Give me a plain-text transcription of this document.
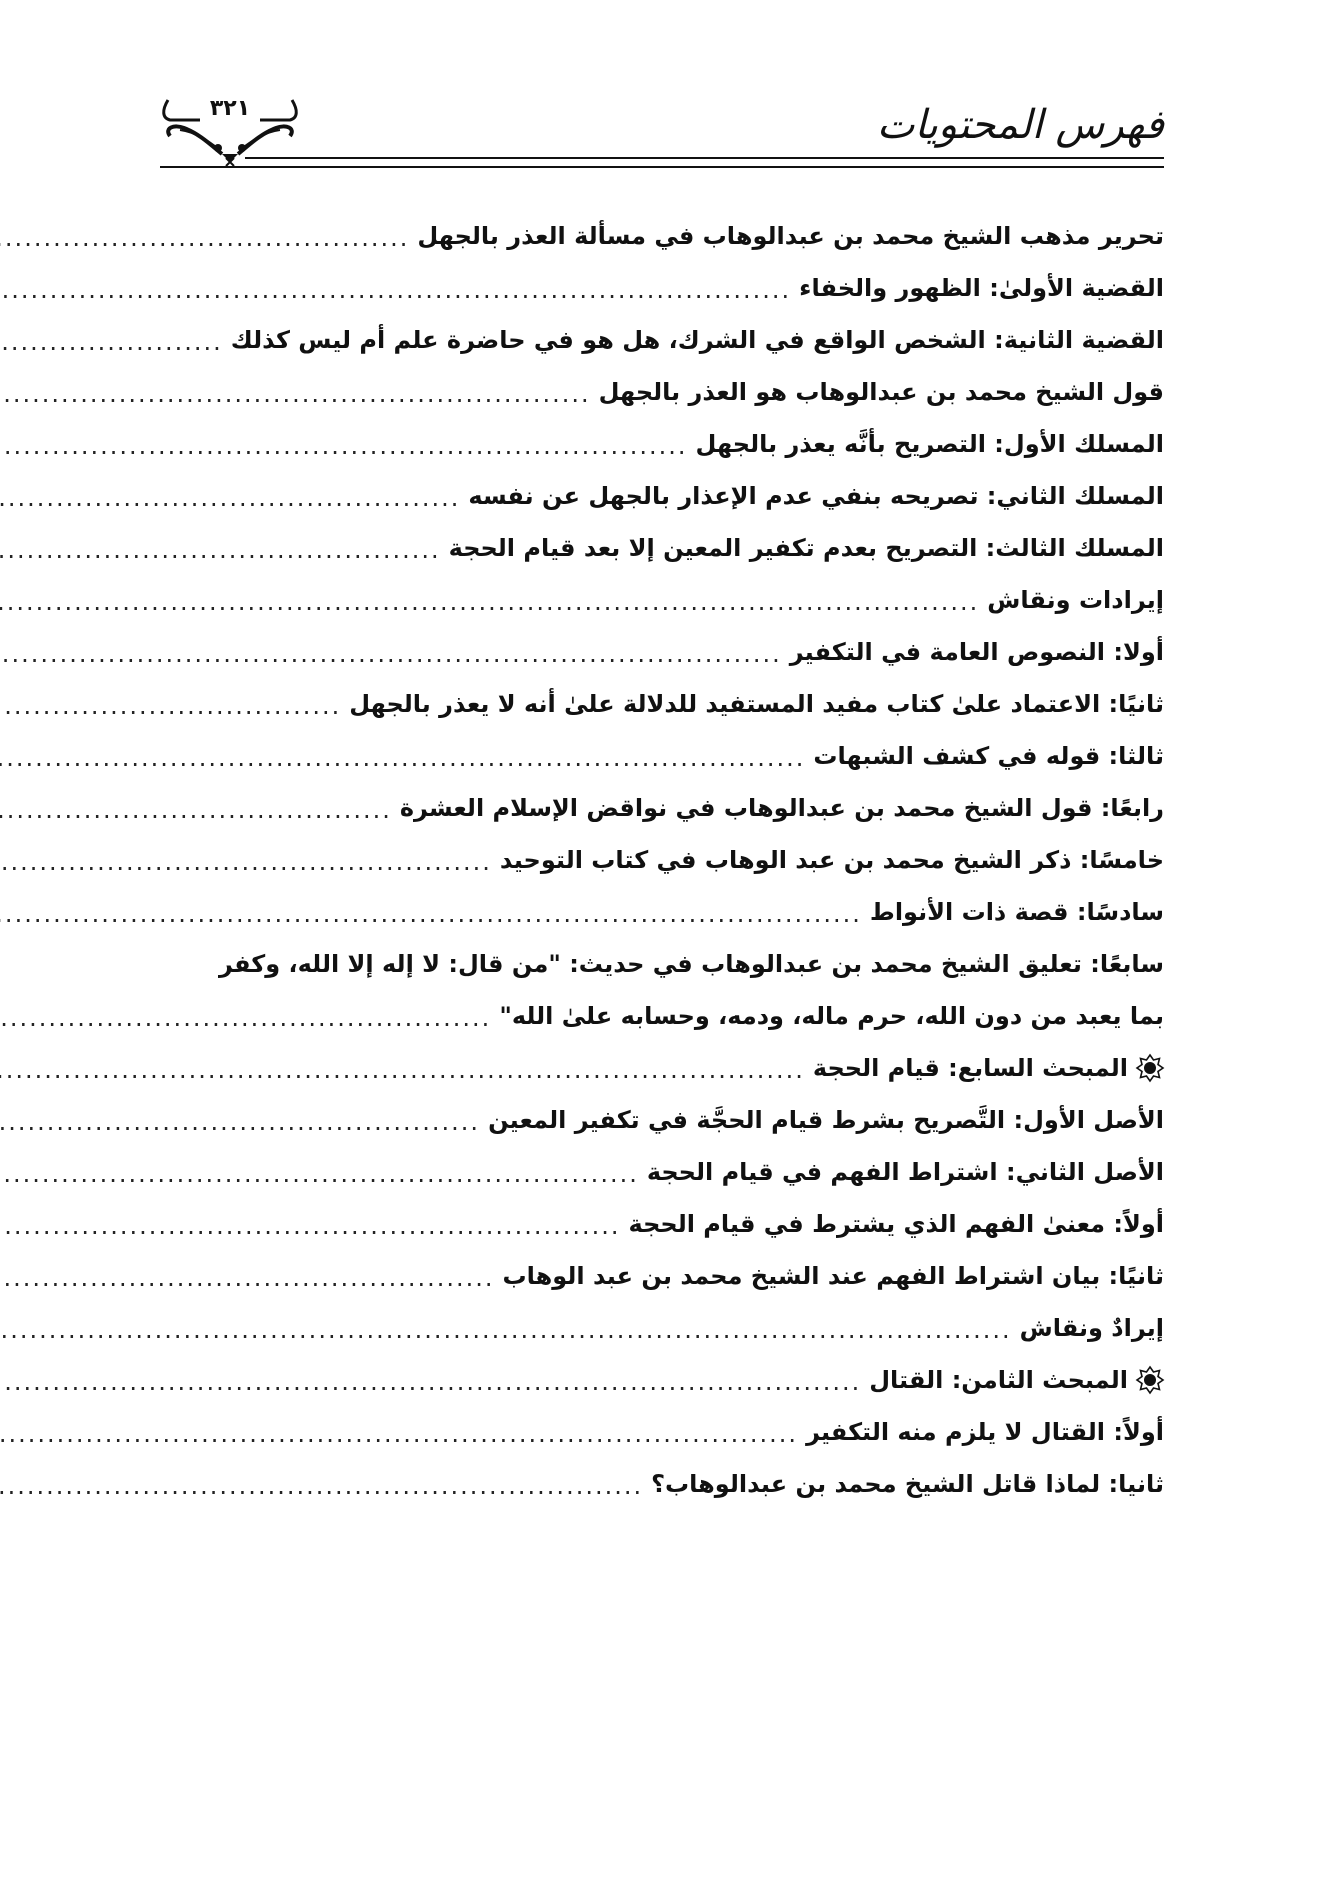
فهرس المحتويات
٣٢١
تحرير مذهب الشيخ محمد بن عبدالوهاب في مسألة العذر بالجهل
.....
القضية الأولىٰ: الظهور والخفاء
.....
القضية الثانية: الشخص الواقع في الشرك، هل هو في حاضرة علم أم ليس كذلك
.....
قول الشيخ محمد بن عبدالوهاب هو العذر بالجهل
.....
المسلك الأول: التصريح بأنَّه يعذر بالجهل
.....
المسلك الثاني: تصريحه بنفي عدم الإعذار بالجهل عن نفسه
.....
المسلك الثالث: التصريح بعدم تكفير المعين إلا بعد قيام الحجة
.....
إيرادات ونقاش
.....
أولا: النصوص العامة في التكفير
.....
ثانيًا: الاعتماد علىٰ كتاب مفيد المستفيد للدلالة علىٰ أنه لا يعذر بالجهل
.....
ثالثا: قوله في كشف الشبهات
.....
رابعًا: قول الشيخ محمد بن عبدالوهاب في نواقض الإسلام العشرة
.....
خامسًا: ذكر الشيخ محمد بن عبد الوهاب في كتاب التوحيد
.....
سادسًا: قصة ذات الأنواط
.....
سابعًا: تعليق الشيخ محمد بن عبدالوهاب في حديث: "من قال: لا إله إلا الله، وكفر
بما يعبد من دون الله، حرم ماله، ودمه، وحسابه علىٰ الله"
.....
المبحث السابع: قيام الحجة
.....
الأصل الأول: التَّصريح بشرط قيام الحجَّة في تكفير المعين
.....
الأصل الثاني: اشتراط الفهم في قيام الحجة
.....
أولاً: معنىٰ الفهم الذي يشترط في قيام الحجة
.....
ثانيًا: بيان اشتراط الفهم عند الشيخ محمد بن عبد الوهاب
.....
إيرادٌ ونقاش
.....
المبحث الثامن: القتال
.....
أولاً: القتال لا يلزم منه التكفير
.....
ثانيا: لماذا قاتل الشيخ محمد بن عبدالوهاب؟
.....
